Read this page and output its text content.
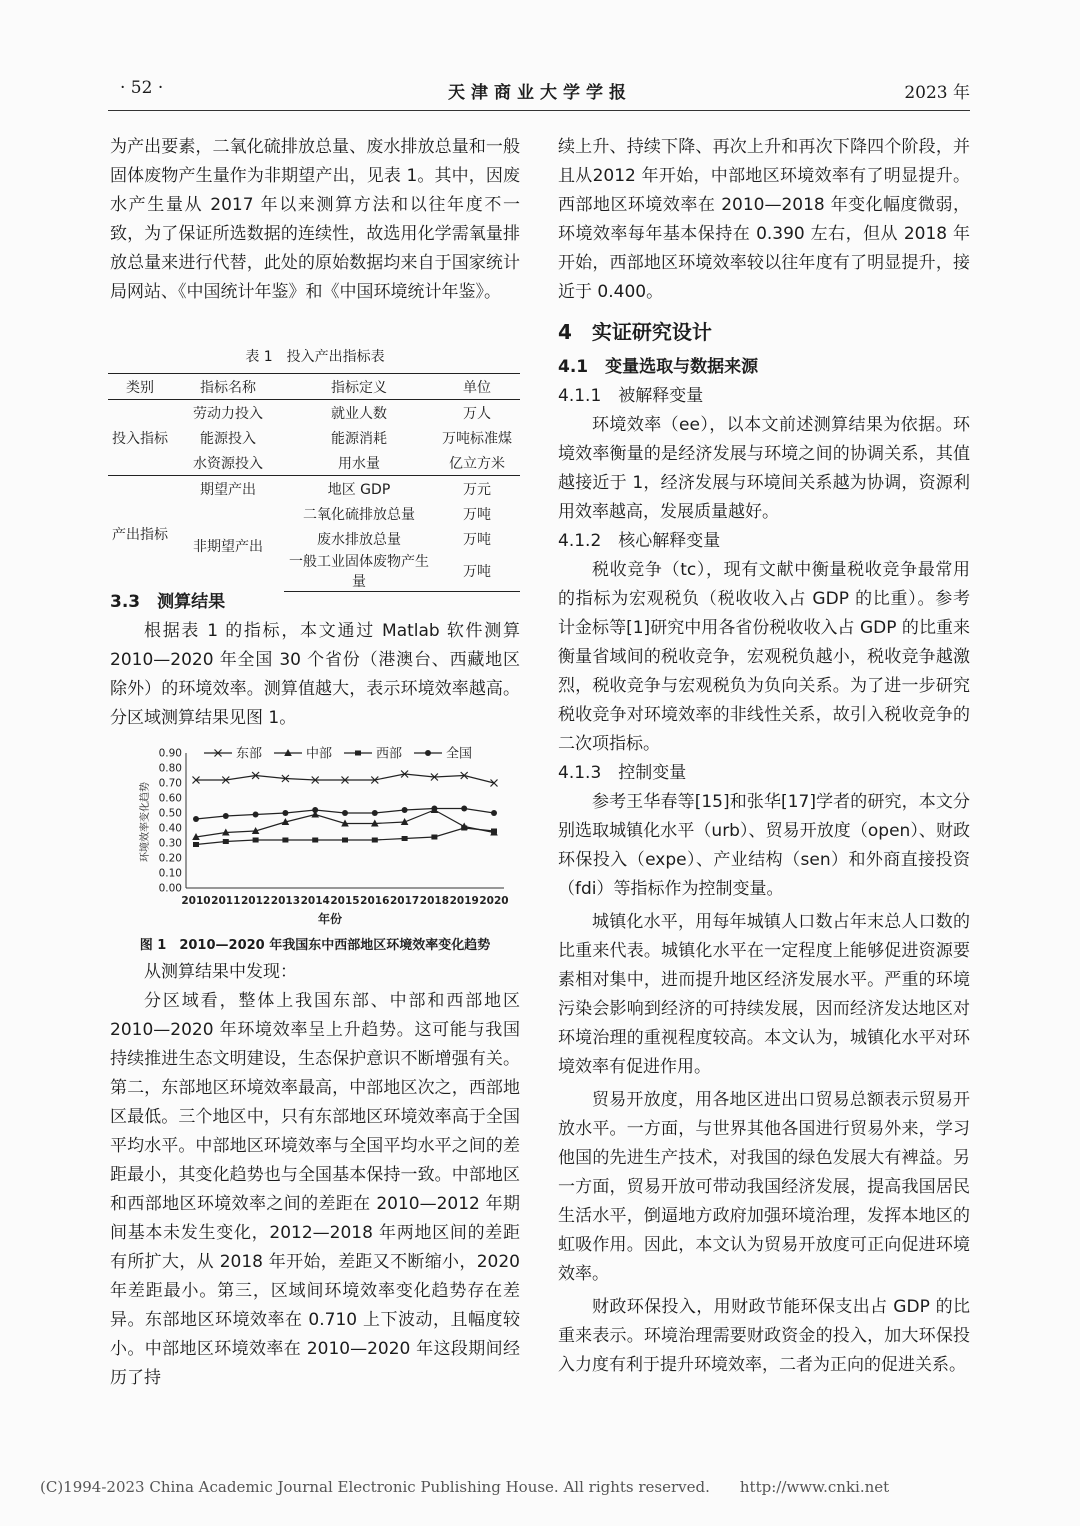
· 52 ·	天津商业大学学报	2023 年

为产出要素，二氧化硫排放总量、废水排放总量和一般固体废物产生量作为非期望产出，见表 1。其中，因废水产生量从 2017 年以来测算方法和以往年度不一致，为了保证所选数据的连续性，故选用化学需氧量排放总量来进行代替，此处的原始数据均来自于国家统计局网站、《中国统计年鉴》和《中国环境统计年鉴》。

表 1　投入产出指标表
类别	指标名称	指标定义	单位
投入指标	劳动力投入	就业人数	万人
	能源投入	能源消耗	万吨标准煤
	水资源投入	用水量	亿立方米
产出指标	期望产出	地区 GDP	万元
	非期望产出	二氧化硫排放总量	万吨
		废水排放总量	万吨
		一般工业固体废物产生量	万吨

3.3　测算结果

根据表 1 的指标，本文通过 Matlab 软件测算 2010—2020 年全国 30 个省份（港澳台、西藏地区除外）的环境效率。测算值越大，表示环境效率越高。分区域测算结果见图 1。

环境效率变化趋势
东部	中部	西部	全国
0.00
0.10
0.20
0.30
0.40
0.50
0.60
0.70
0.80
0.90
2010 2011 2012 2013 2014 2015 2016 2017 2018 2019 2020
年份
图 1　2010—2020 年我国东中西部地区环境效率变化趋势

从测算结果中发现：

分区域看，整体上我国东部、中部和西部地区 2010—2020 年环境效率呈上升趋势。这可能与我国持续推进生态文明建设，生态保护意识不断增强有关。第二，东部地区环境效率最高，中部地区次之，西部地区最低。三个地区中，只有东部地区环境效率高于全国平均水平。中部地区环境效率与全国平均水平之间的差距最小，其变化趋势也与全国基本保持一致。中部地区和西部地区环境效率之间的差距在 2010—2012 年期间基本未发生变化，2012—2018 年两地区间的差距有所扩大，从 2018 年开始，差距又不断缩小，2020 年差距最小。第三，区域间环境效率变化趋势存在差异。东部地区环境效率在 0.710 上下波动，且幅度较小。中部地区环境效率在 2010—2020 年这段期间经历了持

续上升、持续下降、再次上升和再次下降四个阶段，并且从2012 年开始，中部地区环境效率有了明显提升。西部地区环境效率在 2010—2018 年变化幅度微弱，环境效率每年基本保持在 0.390 左右，但从 2018 年开始，西部地区环境效率较以往年度有了明显提升，接近于 0.400。

4　实证研究设计

4.1　变量选取与数据来源

4.1.1　被解释变量

环境效率（ee），以本文前述测算结果为依据。环境效率衡量的是经济发展与环境之间的协调关系，其值越接近于 1，经济发展与环境间关系越为协调，资源利用效率越高，发展质量越好。

4.1.2　核心解释变量

税收竞争（tc），现有文献中衡量税收竞争最常用的指标为宏观税负（税收收入占 GDP 的比重）。参考计金标等[1]研究中用各省份税收收入占 GDP 的比重来衡量省域间的税收竞争，宏观税负越小，税收竞争越激烈，税收竞争与宏观税负为负向关系。为了进一步研究税收竞争对环境效率的非线性关系，故引入税收竞争的二次项指标。

4.1.3　控制变量

参考王华春等[15]和张华[17]学者的研究，本文分别选取城镇化水平（urb）、贸易开放度（open）、财政环保投入（expe）、产业结构（sen）和外商直接投资（fdi）等指标作为控制变量。

城镇化水平，用每年城镇人口数占年末总人口数的比重来代表。城镇化水平在一定程度上能够促进资源要素相对集中，进而提升地区经济发展水平。严重的环境污染会影响到经济的可持续发展，因而经济发达地区对环境治理的重视程度较高。本文认为，城镇化水平对环境效率有促进作用。

贸易开放度，用各地区进出口贸易总额表示贸易开放水平。一方面，与世界其他各国进行贸易外来，学习他国的先进生产技术，对我国的绿色发展大有裨益。另一方面，贸易开放可带动我国经济发展，提高我国居民生活水平，倒逼地方政府加强环境治理，发挥本地区的虹吸作用。因此，本文认为贸易开放度可正向促进环境效率。

财政环保投入，用财政节能环保支出占 GDP 的比重来表示。环境治理需要财政资金的投入，加大环保投入力度有利于提升环境效率，二者为正向的促进关系。

(C)1994-2023 China Academic Journal Electronic Publishing House. All rights reserved.　　http://www.cnki.net
